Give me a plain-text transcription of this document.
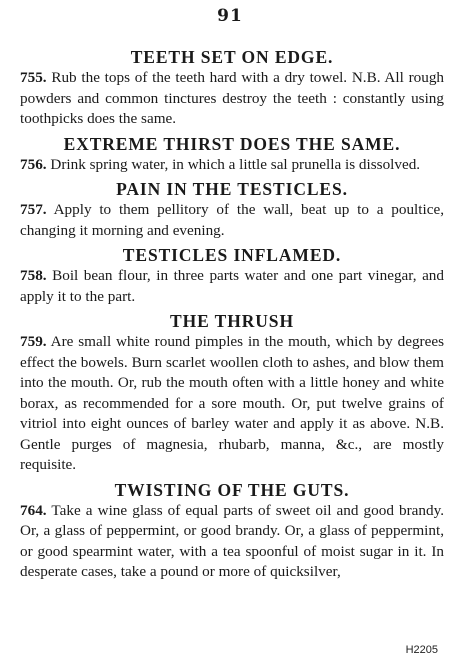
91
TEETH SET ON EDGE.

755. Rub the tops of the teeth hard with a dry towel. N.B. All rough powders and common tinctures destroy the teeth : constantly using toothpicks does the same.

EXTREME THIRST DOES THE SAME.

756. Drink spring water, in which a little sal prunella is dissolved.

PAIN IN THE TESTICLES.

757. Apply to them pellitory of the wall, beat up to a poultice, changing it morning and evening.

TESTICLES INFLAMED.

758. Boil bean flour, in three parts water and one part vinegar, and apply it to the part.

THE THRUSH

759. Are small white round pimples in the mouth, which by degrees effect the bowels. Burn scarlet woollen cloth to ashes, and blow them into the mouth. Or, rub the mouth often with a little honey and white borax, as recommended for a sore mouth. Or, put twelve grains of vitriol into eight ounces of barley water and apply it as above. N.B. Gentle purges of magnesia, rhubarb, manna, &c., are mostly requisite.

TWISTING OF THE GUTS.

764. Take a wine glass of equal parts of sweet oil and good brandy. Or, a glass of peppermint, or good brandy. Or, a glass of peppermint, or good spearmint water, with a tea spoonful of moist sugar in it. In desperate cases, take a pound or more of quicksilver,

H2205
